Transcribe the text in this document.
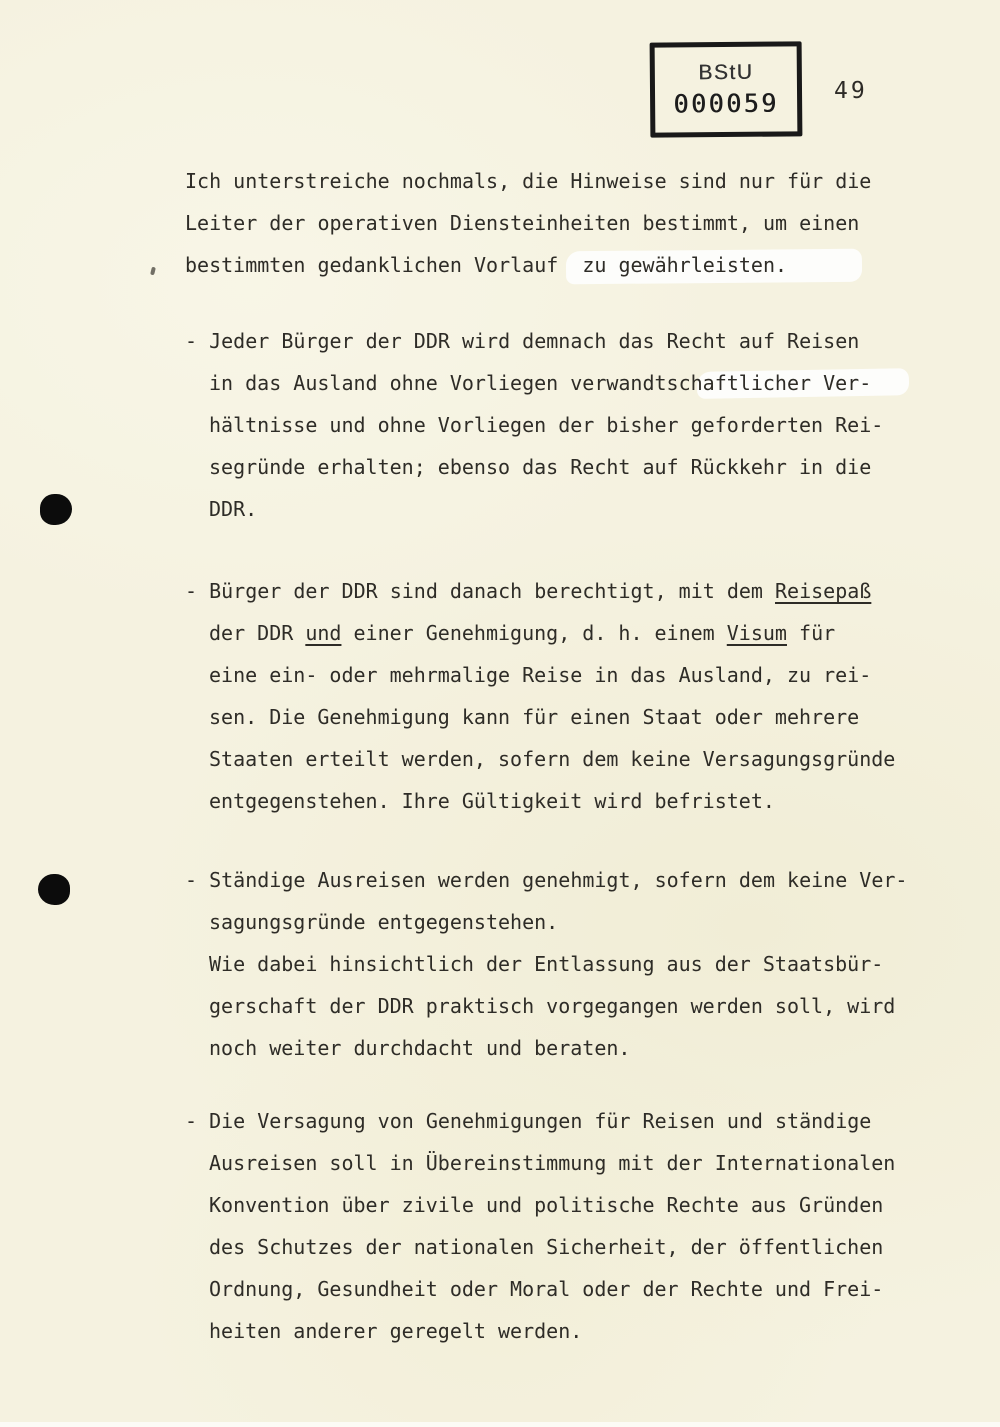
BStU
000059 49
Ich unterstreiche nochmals, die Hinweise sind nur für die
Leiter der operativen Diensteinheiten bestimmt, um einen
bestimmten gedanklichen Vorlauf  zu gewährleisten.
- Jeder Bürger der DDR wird demnach das Recht auf Reisen
in das Ausland ohne Vorliegen verwandtschaftlicher Ver-
hältnisse und ohne Vorliegen der bisher geforderten Rei-
segründe erhalten; ebenso das Recht auf Rückkehr in die
DDR.
- Bürger der DDR sind danach berechtigt, mit dem Reisepaß
der DDR und einer Genehmigung, d. h. einem Visum für
eine ein- oder mehrmalige Reise in das Ausland, zu rei-
sen. Die Genehmigung kann für einen Staat oder mehrere
Staaten erteilt werden, sofern dem keine Versagungsgründe
entgegenstehen. Ihre Gültigkeit wird befristet.
- Ständige Ausreisen werden genehmigt, sofern dem keine Ver-
sagungsgründe entgegenstehen.
Wie dabei hinsichtlich der Entlassung aus der Staatsbür-
gerschaft der DDR praktisch vorgegangen werden soll, wird
noch weiter durchdacht und beraten.
- Die Versagung von Genehmigungen für Reisen und ständige
Ausreisen soll in Übereinstimmung mit der Internationalen
Konvention über zivile und politische Rechte aus Gründen
des Schutzes der nationalen Sicherheit, der öffentlichen
Ordnung, Gesundheit oder Moral oder der Rechte und Frei-
heiten anderer geregelt werden.
